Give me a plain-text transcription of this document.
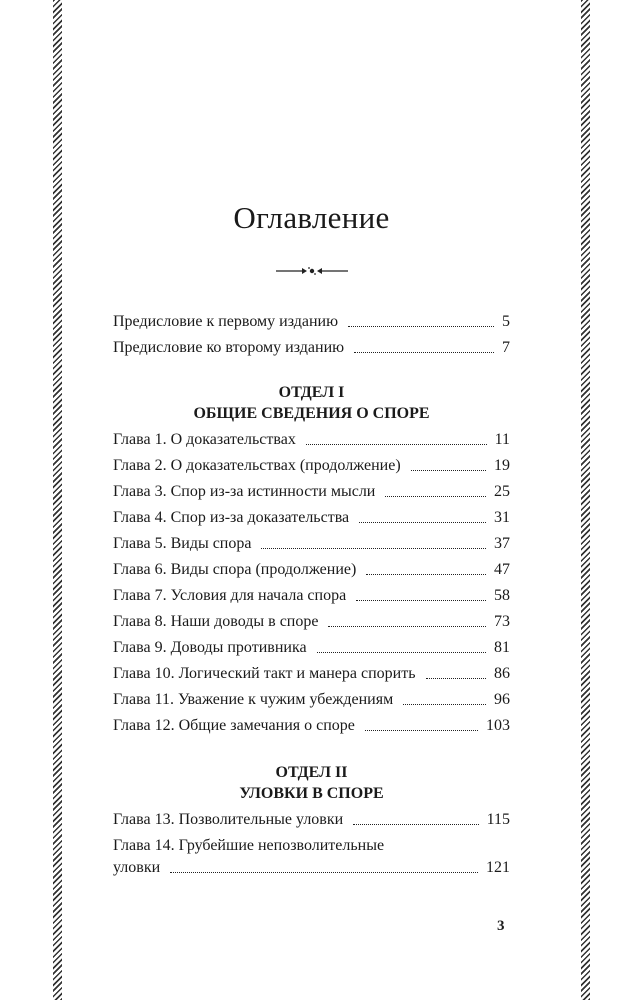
Оглавление
Предисловие к первому изданию	5
Предисловие ко второму изданию	7
ОТДЕЛ I
ОБЩИЕ СВЕДЕНИЯ О СПОРЕ
Глава 1. О доказательствах	11
Глава 2. О доказательствах (продолжение)	19
Глава 3. Спор из-за истинности мысли	25
Глава 4. Спор из-за доказательства	31
Глава 5. Виды спора	37
Глава 6. Виды спора (продолжение)	47
Глава 7. Условия для начала спора	58
Глава 8. Наши доводы в споре	73
Глава 9. Доводы противника	81
Глава 10. Логический такт и манера спорить	86
Глава 11. Уважение к чужим убеждениям	96
Глава 12. Общие замечания о споре	103
ОТДЕЛ II
УЛОВКИ В СПОРЕ
Глава 13. Позволительные уловки	115
Глава 14. Грубейшие непозволительные
уловки	121
3
